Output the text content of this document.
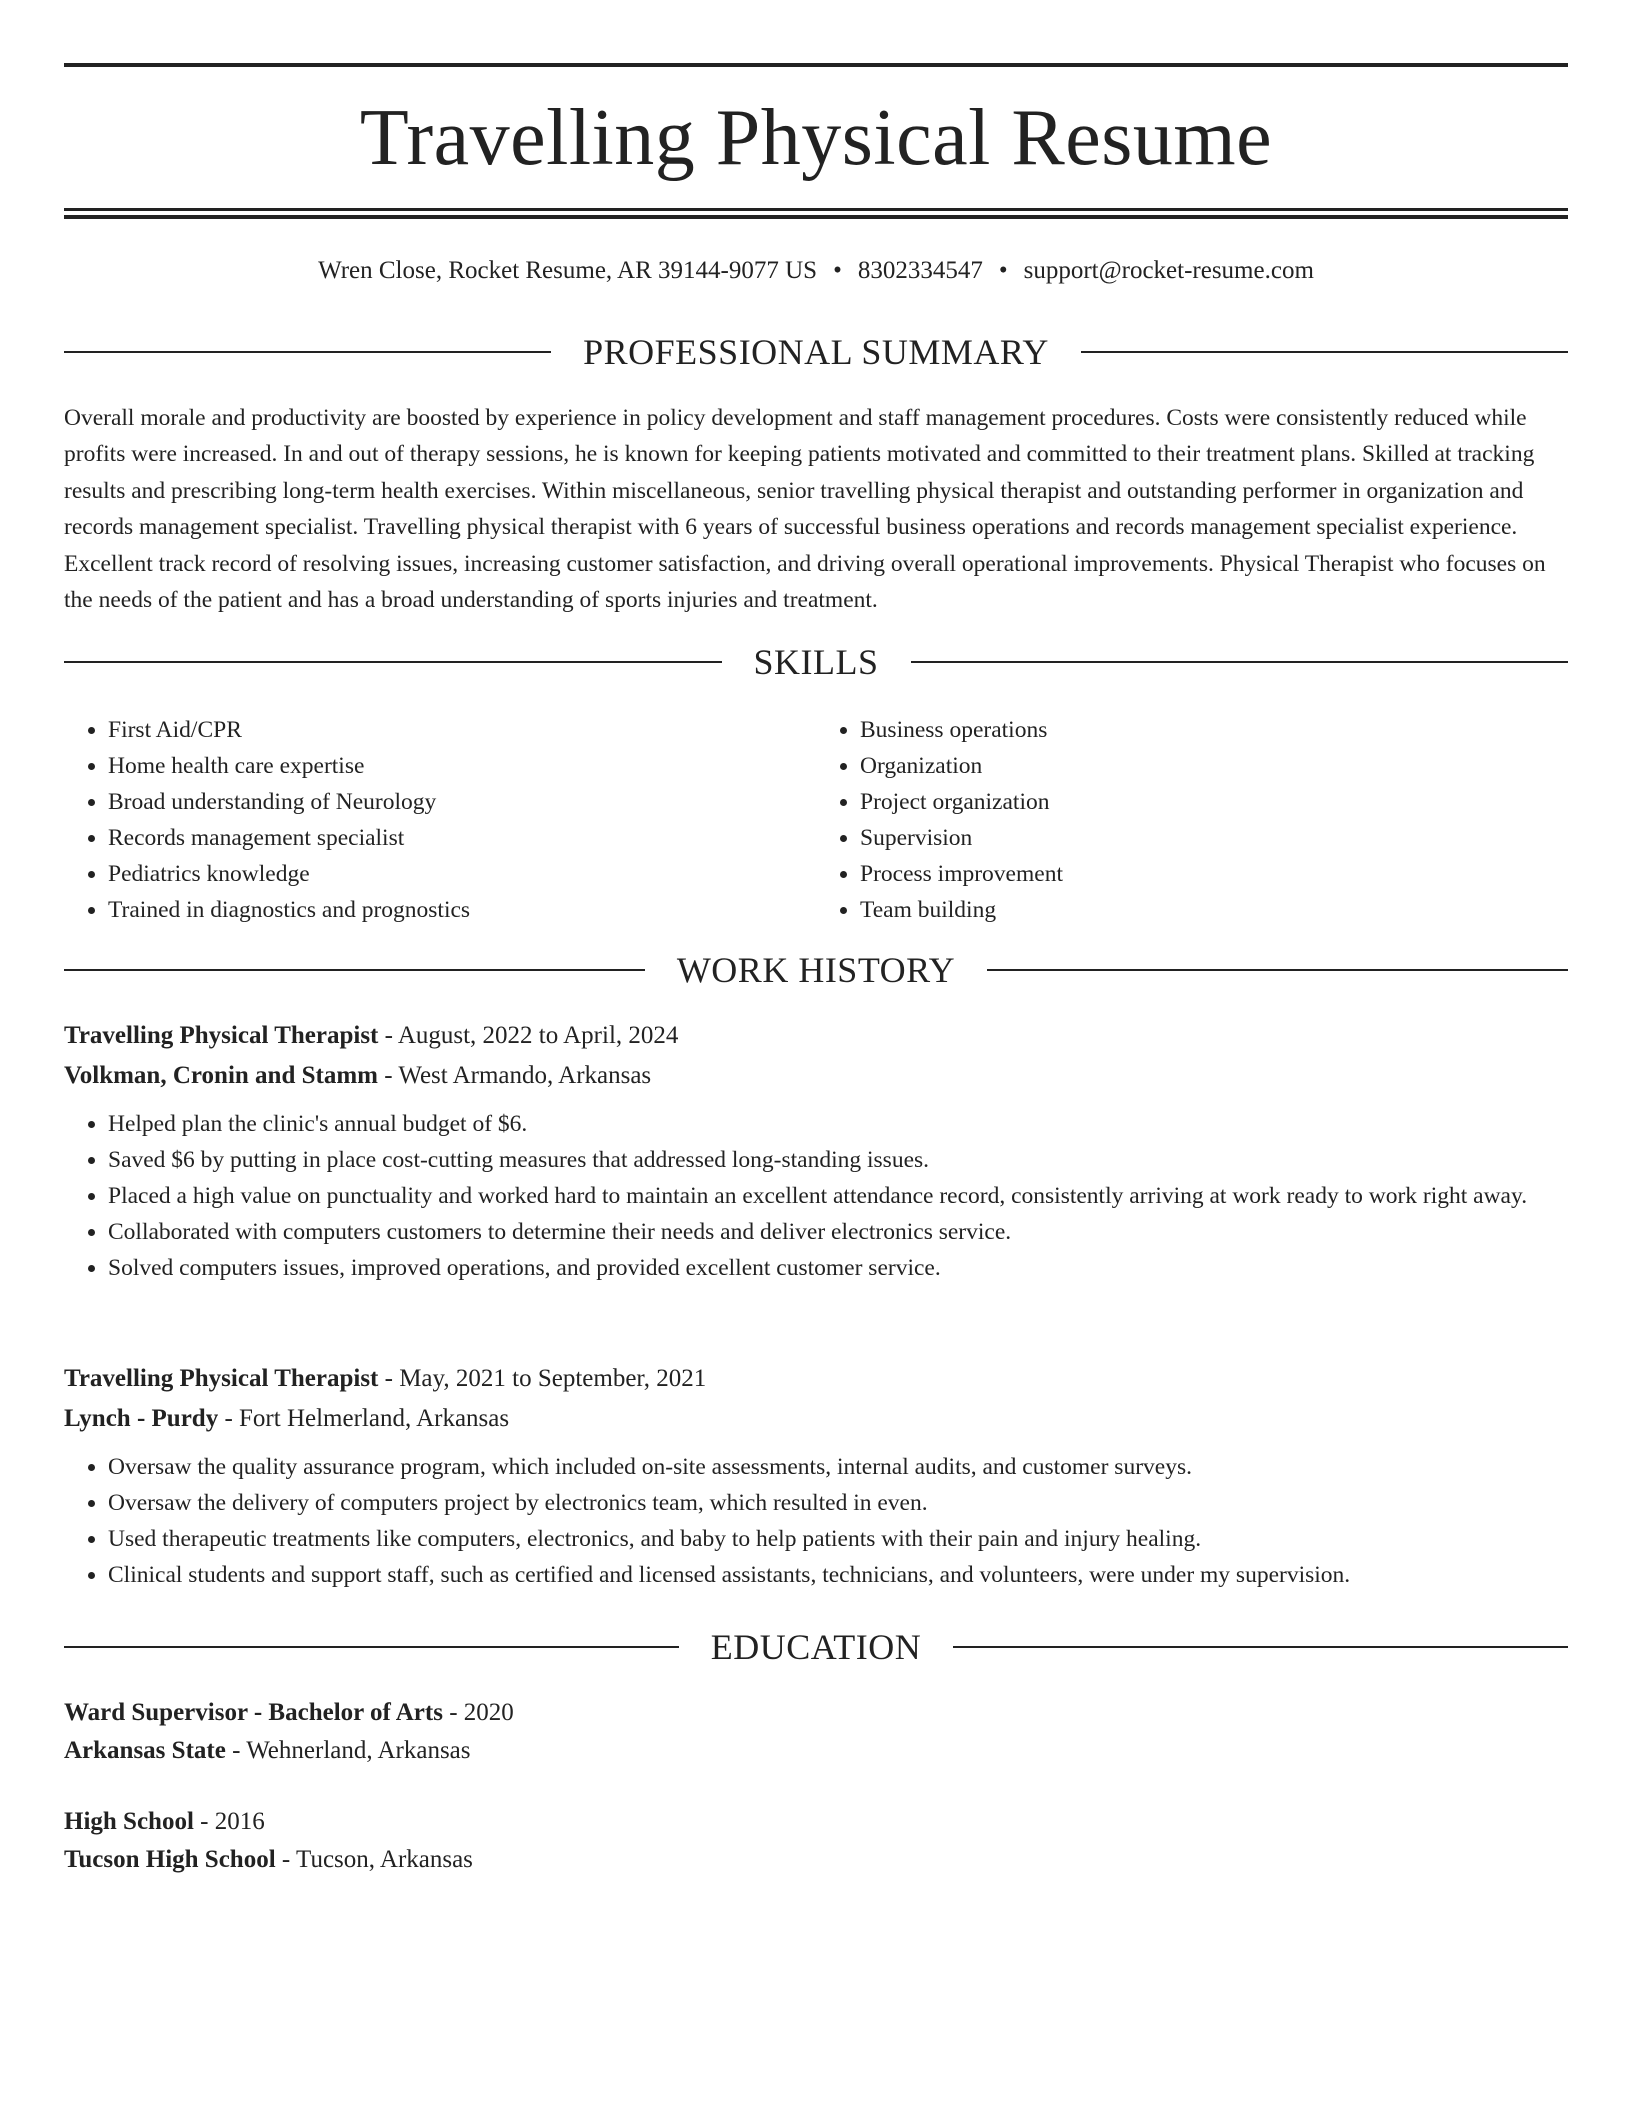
Travelling Physical Resume
Wren Close, Rocket Resume, AR 39144-9077 US • 8302334547 • support@rocket-resume.com
PROFESSIONAL SUMMARY

Overall morale and productivity are boosted by experience in policy development and staff management procedures. Costs were consistently reduced while profits were increased. In and out of therapy sessions, he is known for keeping patients motivated and committed to their treatment plans. Skilled at tracking results and prescribing long-term health exercises. Within miscellaneous, senior travelling physical therapist and outstanding performer in organization and records management specialist. Travelling physical therapist with 6 years of successful business operations and records management specialist experience. Excellent track record of resolving issues, increasing customer satisfaction, and driving overall operational improvements. Physical Therapist who focuses on the needs of the patient and has a broad understanding of sports injuries and treatment.

SKILLS
• First Aid/CPR
• Home health care expertise
• Broad understanding of Neurology
• Records management specialist
• Pediatrics knowledge
• Trained in diagnostics and prognostics
• Business operations
• Organization
• Project organization
• Supervision
• Process improvement
• Team building
WORK HISTORY
Travelling Physical Therapist - August, 2022 to April, 2024
Volkman, Cronin and Stamm - West Armando, Arkansas
• Helped plan the clinic's annual budget of $6.
• Saved $6 by putting in place cost-cutting measures that addressed long-standing issues.
• Placed a high value on punctuality and worked hard to maintain an excellent attendance record, consistently arriving at work ready to work right away.
• Collaborated with computers customers to determine their needs and deliver electronics service.
• Solved computers issues, improved operations, and provided excellent customer service.
Travelling Physical Therapist - May, 2021 to September, 2021
Lynch - Purdy - Fort Helmerland, Arkansas
• Oversaw the quality assurance program, which included on-site assessments, internal audits, and customer surveys.
• Oversaw the delivery of computers project by electronics team, which resulted in even.
• Used therapeutic treatments like computers, electronics, and baby to help patients with their pain and injury healing.
• Clinical students and support staff, such as certified and licensed assistants, technicians, and volunteers, were under my supervision.
EDUCATION
Ward Supervisor - Bachelor of Arts - 2020
Arkansas State - Wehnerland, Arkansas
High School - 2016
Tucson High School - Tucson, Arkansas
